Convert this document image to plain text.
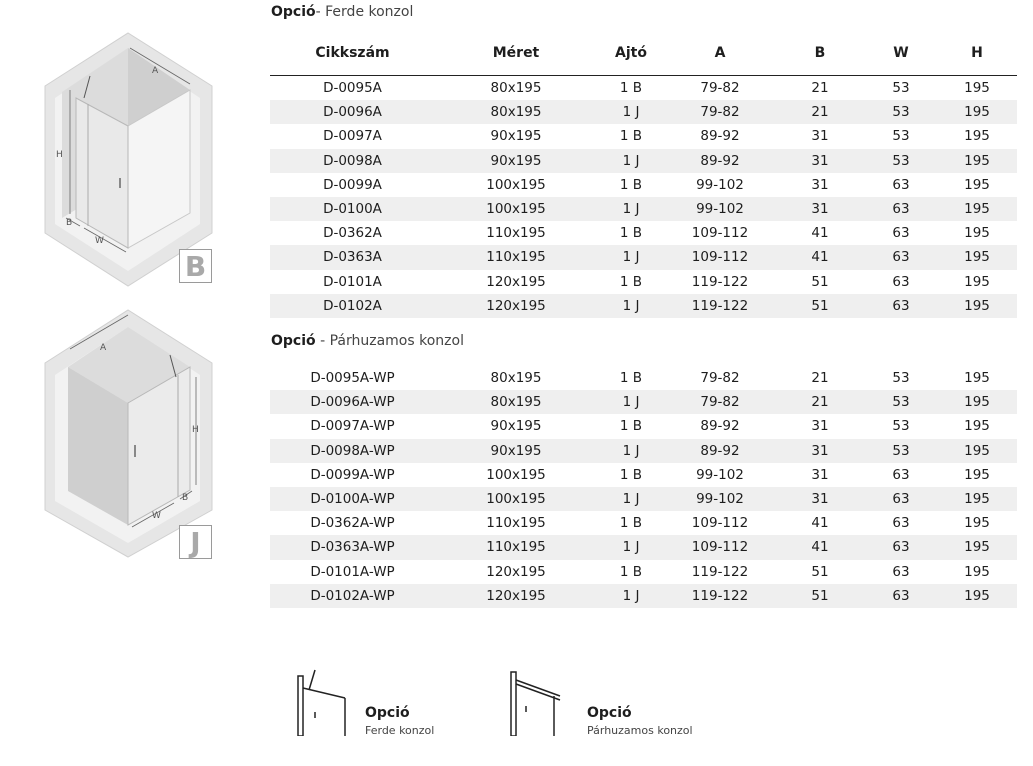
A
H
B
W
B
A
H
B
W
J
Opció- Ferde konzol
Cikkszám	Méret	Ajtó	A	B	W	H
D-0095A	80x195	1 B	79-82	21	53	195
D-0096A	80x195	1 J	79-82	21	53	195
D-0097A	90x195	1 B	89-92	31	53	195
D-0098A	90x195	1 J	89-92	31	53	195
D-0099A	100x195	1 B	99-102	31	63	195
D-0100A	100x195	1 J	99-102	31	63	195
D-0362A	110x195	1 B	109-112	41	63	195
D-0363A	110x195	1 J	109-112	41	63	195
D-0101A	120x195	1 B	119-122	51	63	195
D-0102A	120x195	1 J	119-122	51	63	195
Opció - Párhuzamos konzol
D-0095A-WP	80x195	1 B	79-82	21	53	195
D-0096A-WP	80x195	1 J	79-82	21	53	195
D-0097A-WP	90x195	1 B	89-92	31	53	195
D-0098A-WP	90x195	1 J	89-92	31	53	195
D-0099A-WP	100x195	1 B	99-102	31	63	195
D-0100A-WP	100x195	1 J	99-102	31	63	195
D-0362A-WP	110x195	1 B	109-112	41	63	195
D-0363A-WP	110x195	1 J	109-112	41	63	195
D-0101A-WP	120x195	1 B	119-122	51	63	195
D-0102A-WP	120x195	1 J	119-122	51	63	195
Opció
Ferde konzol
Opció
Párhuzamos konzol
